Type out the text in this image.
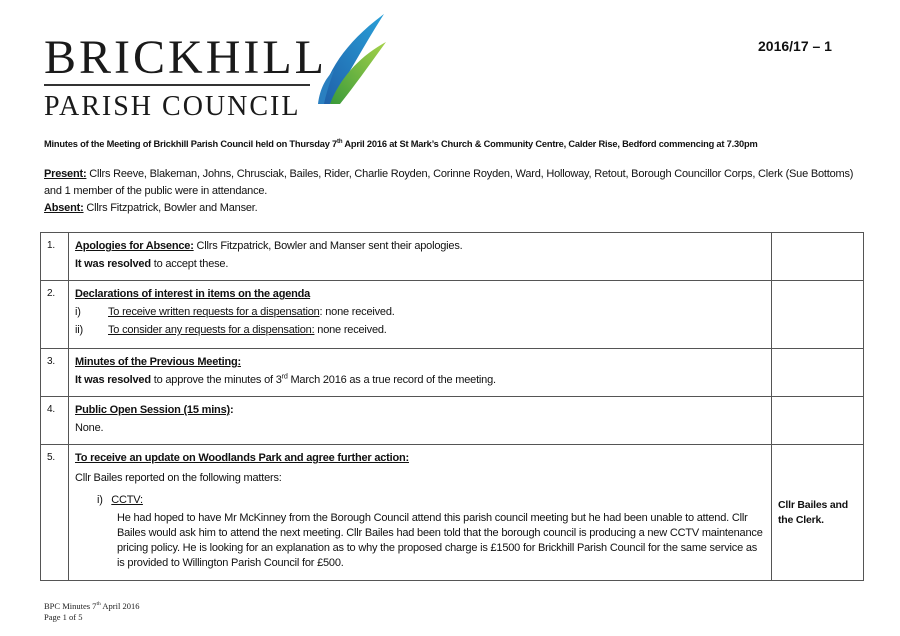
BRICKHILL
PARISH COUNCIL
2016/17 – 1
Minutes of the Meeting of Brickhill Parish Council held on Thursday 7th April 2016 at St Mark’s Church & Community Centre, Calder Rise, Bedford commencing at 7.30pm
Present: Cllrs Reeve, Blakeman, Johns, Chrusciak, Bailes, Rider, Charlie Royden, Corinne Royden, Ward, Holloway, Retout, Borough Councillor Corps, Clerk (Sue Bottoms) and 1 member of the public were in attendance.
Absent: Cllrs Fitzpatrick, Bowler and Manser.
1.	Apologies for Absence: Cllrs Fitzpatrick, Bowler and Manser sent their apologies.
It was resolved to accept these.	

2.	Declarations of interest in items on the agenda
i) To receive written requests for a dispensation: none received.
ii) To consider any requests for a dispensation: none received.	

3.	Minutes of the Previous Meeting:
It was resolved to approve the minutes of 3rd March 2016 as a true record of the meeting.	

4.	Public Open Session (15 mins):
None.	

5.	To receive an update on Woodlands Park and agree further action:
Cllr Bailes reported on the following matters:
i) CCTV:
He had hoped to have Mr McKinney from the Borough Council attend this parish council meeting but he had been unable to attend. Cllr Bailes would ask him to attend the next meeting. Cllr Bailes had been told that the borough council is producing a new CCTV maintenance pricing policy. He is looking for an explanation as to why the proposed charge is £1500 for Brickhill Parish Council for the same service as is provided to Willington Parish Council for £500.	Cllr Bailes and the Clerk.
BPC Minutes 7th April 2016
Page 1 of 5
